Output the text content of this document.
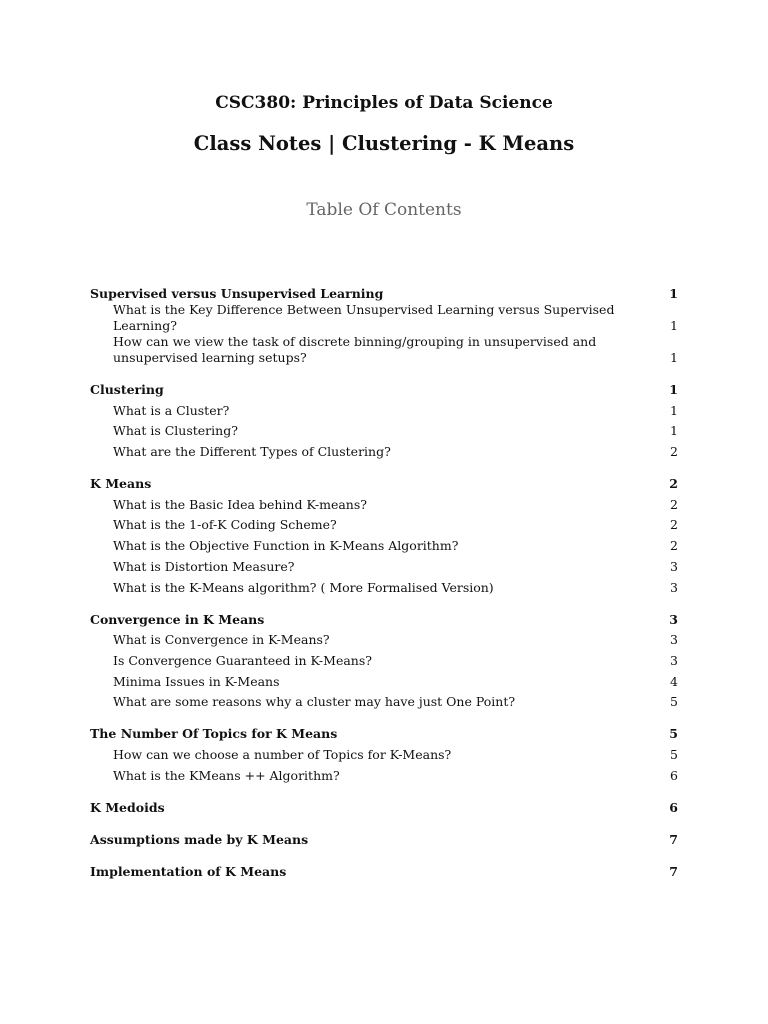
CSC380: Principles of Data Science
Class Notes | Clustering - K Means
Table Of Contents
Supervised versus Unsupervised Learning	1
What is the Key Difference Between Unsupervised Learning versus Supervised Learning?	1
How can we view the task of discrete binning/grouping in unsupervised and unsupervised learning setups?	1
Clustering	1
What is a Cluster?	1
What is Clustering?	1
What are the Different Types of Clustering?	2
K Means	2
What is the Basic Idea behind K-means?	2
What is the 1-of-K Coding Scheme?	2
What is the Objective Function in K-Means Algorithm?	2
What is Distortion Measure?	3
What is the K-Means algorithm? ( More Formalised Version)	3
Convergence in K Means	3
What is Convergence in K-Means?	3
Is Convergence Guaranteed in K-Means?	3
Minima Issues in K-Means	4
What are some reasons why a cluster may have just One Point?	5
The Number Of Topics for K Means	5
How can we choose a number of Topics for K-Means?	5
What is the KMeans ++ Algorithm?	6
K Medoids	6
Assumptions made by K Means	7
Implementation of K Means	7
